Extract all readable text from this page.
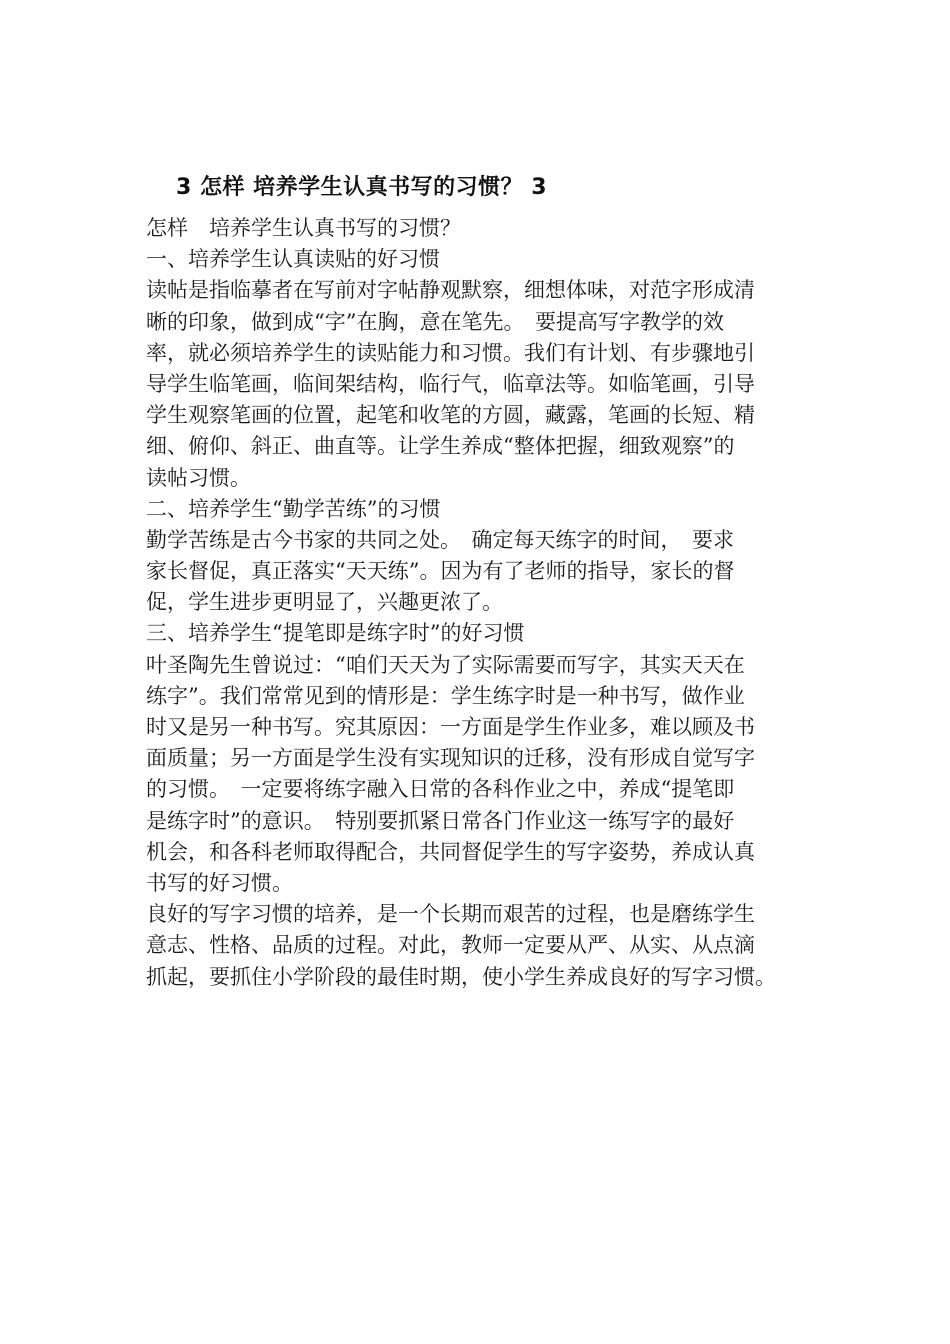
3 怎样 培养学生认真书写的习惯？ 3
怎样　培养学生认真书写的习惯？
一、培养学生认真读贴的好习惯
读帖是指临摹者在写前对字帖静观默察，细想体味，对范字形成清
晰的印象，做到成“字”在胸，意在笔先。　要提高写字教学的效
率，就必须培养学生的读贴能力和习惯。我们有计划、有步骤地引
导学生临笔画，临间架结构，临行气，临章法等。如临笔画，引导
学生观察笔画的位置，起笔和收笔的方圆，藏露，笔画的长短、精
细、俯仰、斜正、曲直等。让学生养成“整体把握，细致观察”的
读帖习惯。
二、培养学生“勤学苦练”的习惯
勤学苦练是古今书家的共同之处。　确定每天练字的时间，　要求
家长督促，真正落实“天天练”。因为有了老师的指导，家长的督
促，学生进步更明显了，兴趣更浓了。
三、培养学生“提笔即是练字时”的好习惯
叶圣陶先生曾说过：“咱们天天为了实际需要而写字，其实天天在
练字”。我们常常见到的情形是：学生练字时是一种书写，做作业
时又是另一种书写。究其原因：一方面是学生作业多，难以顾及书
面质量；另一方面是学生没有实现知识的迁移，没有形成自觉写字
的习惯。　一定要将练字融入日常的各科作业之中，养成“提笔即
是练字时”的意识。　特别要抓紧日常各门作业这一练写字的最好
机会，和各科老师取得配合，共同督促学生的写字姿势，养成认真
书写的好习惯。
良好的写字习惯的培养，是一个长期而艰苦的过程，也是磨练学生
意志、性格、品质的过程。对此，教师一定要从严、从实、从点滴
抓起，要抓住小学阶段的最佳时期，使小学生养成良好的写字习惯。
